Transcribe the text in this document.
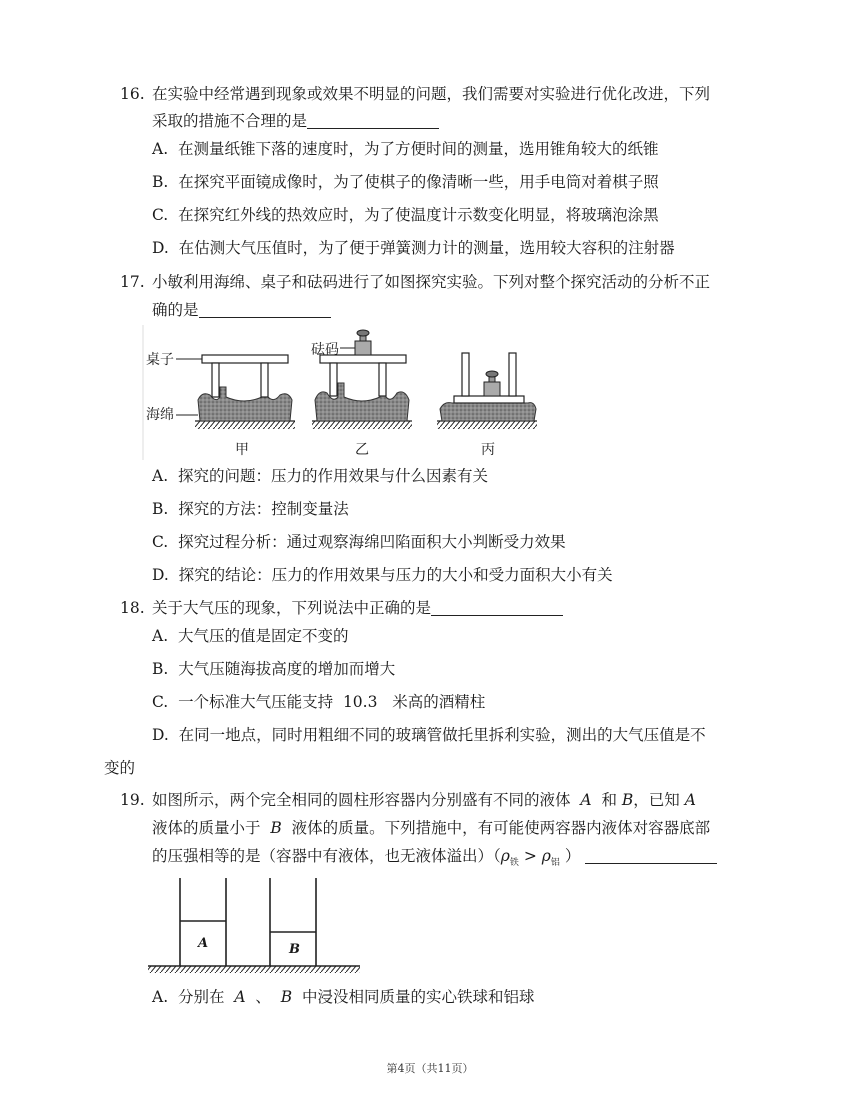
16. 在实验中经常遇到现象或效果不明显的问题，我们需要对实验进行优化改进，下列
采取的措施不合理的是
A. 在测量纸锥下落的速度时，为了方便时间的测量，选用锥角较大的纸锥
B. 在探究平面镜成像时，为了使棋子的像清晰一些，用手电筒对着棋子照
C. 在探究红外线的热效应时，为了使温度计示数变化明显，将玻璃泡涂黑
D. 在估测大气压值时，为了便于弹簧测力计的测量，选用较大容积的注射器
17. 小敏利用海绵、桌子和砝码进行了如图探究实验。下列对整个探究活动的分析不正
确的是
桌子
砝码
海绵
甲	乙	丙
A. 探究的问题：压力的作用效果与什么因素有关
B. 探究的方法：控制变量法
C. 探究过程分析：通过观察海绵凹陷面积大小判断受力效果
D. 探究的结论：压力的作用效果与压力的大小和受力面积大小有关
18. 关于大气压的现象，下列说法中正确的是
A. 大气压的值是固定不变的
B. 大气压随海拔高度的增加而增大
C. 一个标准大气压能支持  10.3   米高的酒精柱
D. 在同一地点，同时用粗细不同的玻璃管做托里拆利实验，测出的大气压值是不
变的
19. 如图所示，两个完全相同的圆柱形容器内分别盛有不同的液体 A 和 B，已知 A
液体的质量小于 B 液体的质量。下列措施中，有可能使两容器内液体对容器底部
的压强相等的是（容器中有液体，也无液体溢出）（$\rho_铁 > \rho_铝$ ）
A	B
A. 分别在 A 、 B 中浸没相同质量的实心铁球和铝球
第4页（共11页）
